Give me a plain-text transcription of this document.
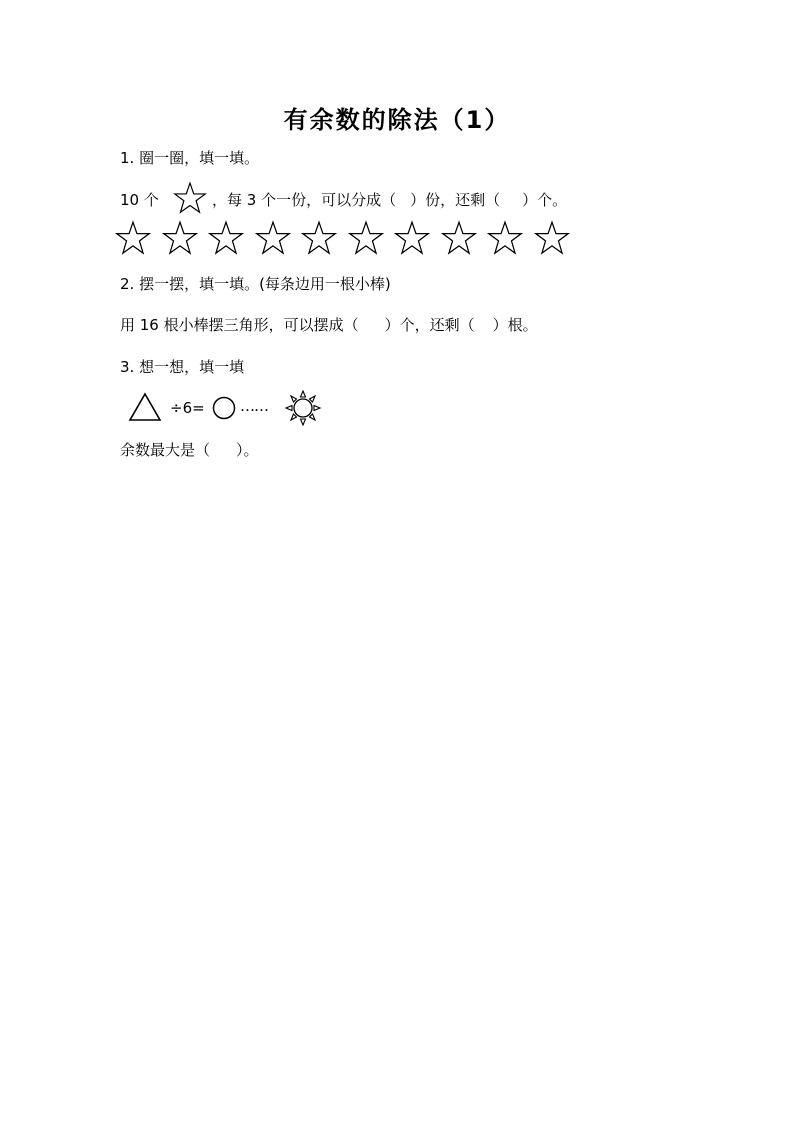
有余数的除法（1）
1. 圈一圈，填一填。
10 个	，每 3 个一份，可以分成（ ）份，还剩（ ）个。
2. 摆一摆，填一填。(每条边用一根小棒)
用 16 根小棒摆三角形，可以摆成（ ）个，还剩（ ）根。
3. 想一想，填一填
÷6= ……
余数最大是（ ）。
